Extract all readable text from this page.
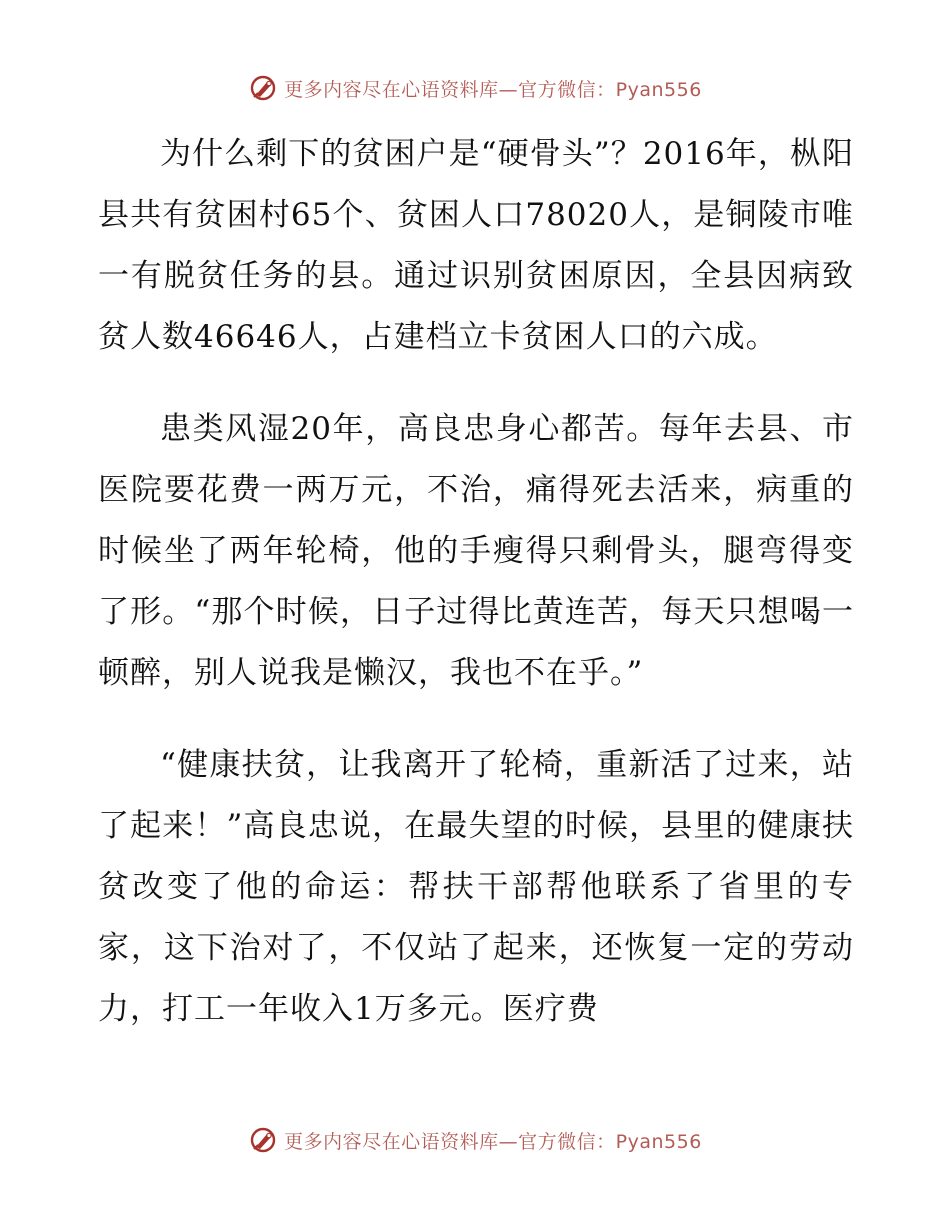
更多内容尽在心语资料库—官方微信：Pyan556

为什么剩下的贫困户是“硬骨头”？2016年，枞阳县共有贫困村65个、贫困人口78020人，是铜陵市唯一有脱贫任务的县。通过识别贫困原因，全县因病致贫人数46646人，占建档立卡贫困人口的六成。

患类风湿20年，高良忠身心都苦。每年去县、市医院要花费一两万元，不治，痛得死去活来，病重的时候坐了两年轮椅，他的手瘦得只剩骨头，腿弯得变了形。“那个时候，日子过得比黄连苦，每天只想喝一顿醉，别人说我是懒汉，我也不在乎。”

“健康扶贫，让我离开了轮椅，重新活了过来，站了起来！”高良忠说，在最失望的时候，县里的健康扶贫改变了他的命运：帮扶干部帮他联系了省里的专家，这下治对了，不仅站了起来，还恢复一定的劳动力，打工一年收入1万多元。医疗费

更多内容尽在心语资料库—官方微信：Pyan556
